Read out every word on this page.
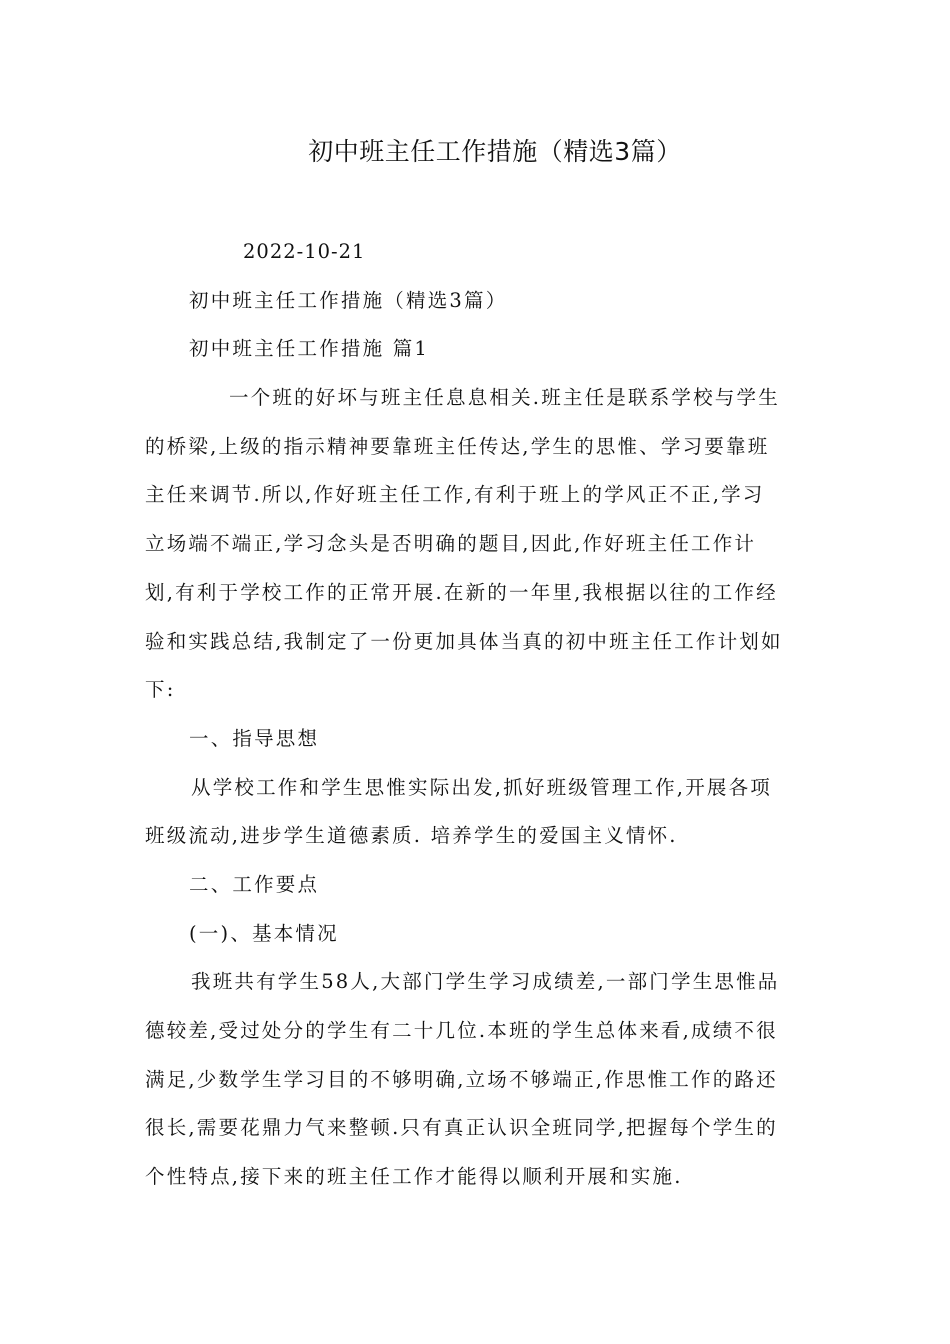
初中班主任工作措施（精选3篇）
2022-10-21
初中班主任工作措施（精选3篇）
初中班主任工作措施 篇1
一个班的好坏与班主任息息相关.班主任是联系学校与学生
的桥梁,上级的指示精神要靠班主任传达,学生的思惟、学习要靠班
主任来调节.所以,作好班主任工作,有利于班上的学风正不正,学习
立场端不端正,学习念头是否明确的题目,因此,作好班主任工作计
划,有利于学校工作的正常开展.在新的一年里,我根据以往的工作经
验和实践总结,我制定了一份更加具体当真的初中班主任工作计划如
下:
一、指导思想
从学校工作和学生思惟实际出发,抓好班级管理工作,开展各项
班级流动,进步学生道德素质. 培养学生的爱国主义情怀.
二、工作要点
(一)、基本情况
我班共有学生58人,大部门学生学习成绩差,一部门学生思惟品
德较差,受过处分的学生有二十几位.本班的学生总体来看,成绩不很
满足,少数学生学习目的不够明确,立场不够端正,作思惟工作的路还
很长,需要花鼎力气来整顿.只有真正认识全班同学,把握每个学生的
个性特点,接下来的班主任工作才能得以顺利开展和实施.
